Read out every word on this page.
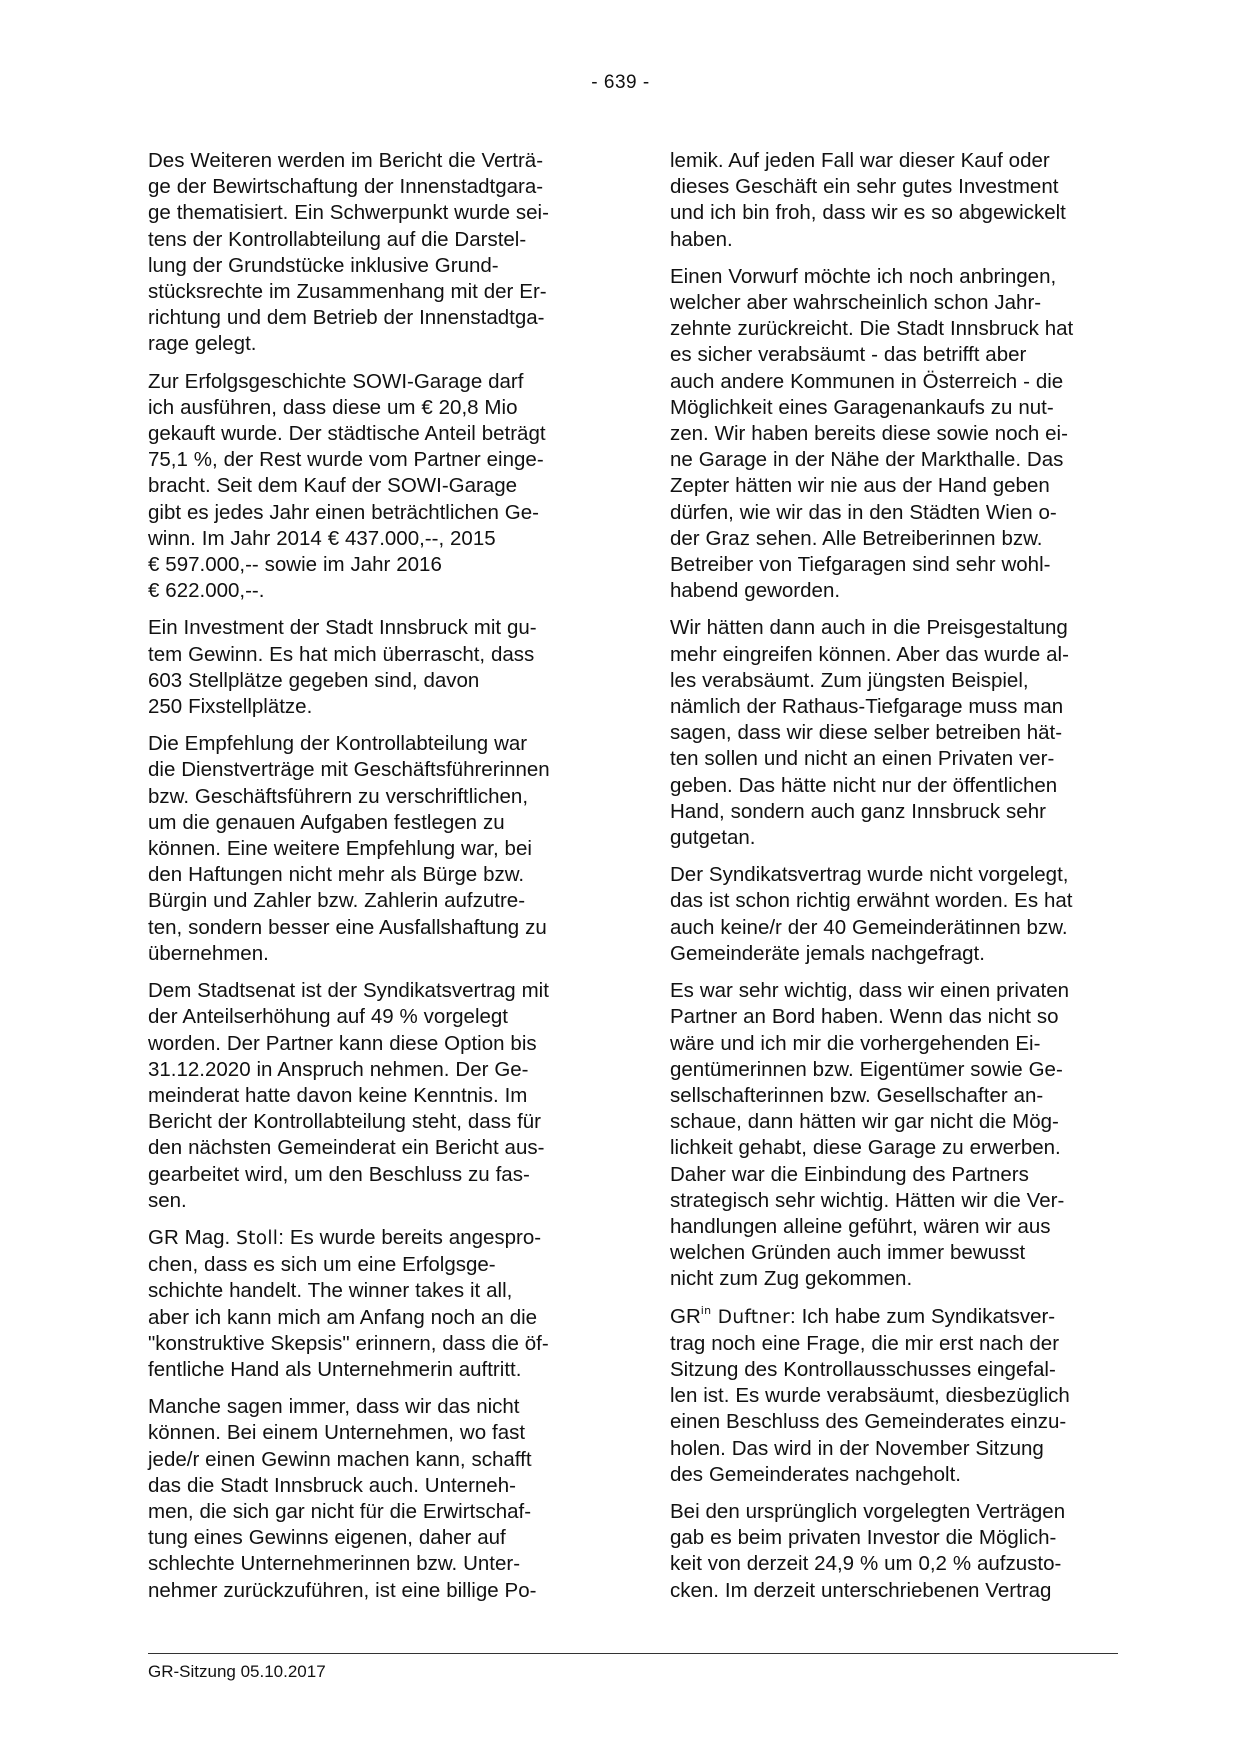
- 639 -

Des Weiteren werden im Bericht die Verträ-
ge der Bewirtschaftung der Innenstadtgara-
ge thematisiert. Ein Schwerpunkt wurde sei-
tens der Kontrollabteilung auf die Darstel-
lung der Grundstücke inklusive Grund-
stücksrechte im Zusammenhang mit der Er-
richtung und dem Betrieb der Innenstadtga-
rage gelegt.

Zur Erfolgsgeschichte SOWI-Garage darf
ich ausführen, dass diese um € 20,8 Mio
gekauft wurde. Der städtische Anteil beträgt
75,1 %, der Rest wurde vom Partner einge-
bracht. Seit dem Kauf der SOWI-Garage
gibt es jedes Jahr einen beträchtlichen Ge-
winn. Im Jahr 2014 € 437.000,--, 2015
€ 597.000,-- sowie im Jahr 2016
€ 622.000,--.

Ein Investment der Stadt Innsbruck mit gu-
tem Gewinn. Es hat mich überrascht, dass
603 Stellplätze gegeben sind, davon
250 Fixstellplätze.

Die Empfehlung der Kontrollabteilung war
die Dienstverträge mit Geschäftsführerinnen
bzw. Geschäftsführern zu verschriftlichen,
um die genauen Aufgaben festlegen zu
können. Eine weitere Empfehlung war, bei
den Haftungen nicht mehr als Bürge bzw.
Bürgin und Zahler bzw. Zahlerin aufzutre-
ten, sondern besser eine Ausfallshaftung zu
übernehmen.

Dem Stadtsenat ist der Syndikatsvertrag mit
der Anteilserhöhung auf 49 % vorgelegt
worden. Der Partner kann diese Option bis
31.12.2020 in Anspruch nehmen. Der Ge-
meinderat hatte davon keine Kenntnis. Im
Bericht der Kontrollabteilung steht, dass für
den nächsten Gemeinderat ein Bericht aus-
gearbeitet wird, um den Beschluss zu fas-
sen.

GR Mag. Stoll: Es wurde bereits angespro-
chen, dass es sich um eine Erfolgsge-
schichte handelt. The winner takes it all,
aber ich kann mich am Anfang noch an die
"konstruktive Skepsis" erinnern, dass die öf-
fentliche Hand als Unternehmerin auftritt.

Manche sagen immer, dass wir das nicht
können. Bei einem Unternehmen, wo fast
jede/r einen Gewinn machen kann, schafft
das die Stadt Innsbruck auch. Unterneh-
men, die sich gar nicht für die Erwirtschaf-
tung eines Gewinns eigenen, daher auf
schlechte Unternehmerinnen bzw. Unter-
nehmer zurückzuführen, ist eine billige Po-

lemik. Auf jeden Fall war dieser Kauf oder
dieses Geschäft ein sehr gutes Investment
und ich bin froh, dass wir es so abgewickelt
haben.

Einen Vorwurf möchte ich noch anbringen,
welcher aber wahrscheinlich schon Jahr-
zehnte zurückreicht. Die Stadt Innsbruck hat
es sicher verabsäumt - das betrifft aber
auch andere Kommunen in Österreich - die
Möglichkeit eines Garagenankaufs zu nut-
zen. Wir haben bereits diese sowie noch ei-
ne Garage in der Nähe der Markthalle. Das
Zepter hätten wir nie aus der Hand geben
dürfen, wie wir das in den Städten Wien o-
der Graz sehen. Alle Betreiberinnen bzw.
Betreiber von Tiefgaragen sind sehr wohl-
habend geworden.

Wir hätten dann auch in die Preisgestaltung
mehr eingreifen können. Aber das wurde al-
les verabsäumt. Zum jüngsten Beispiel,
nämlich der Rathaus-Tiefgarage muss man
sagen, dass wir diese selber betreiben hät-
ten sollen und nicht an einen Privaten ver-
geben. Das hätte nicht nur der öffentlichen
Hand, sondern auch ganz Innsbruck sehr
gutgetan.

Der Syndikatsvertrag wurde nicht vorgelegt,
das ist schon richtig erwähnt worden. Es hat
auch keine/r der 40 Gemeinderätinnen bzw.
Gemeinderäte jemals nachgefragt.

Es war sehr wichtig, dass wir einen privaten
Partner an Bord haben. Wenn das nicht so
wäre und ich mir die vorhergehenden Ei-
gentümerinnen bzw. Eigentümer sowie Ge-
sellschafterinnen bzw. Gesellschafter an-
schaue, dann hätten wir gar nicht die Mög-
lichkeit gehabt, diese Garage zu erwerben.
Daher war die Einbindung des Partners
strategisch sehr wichtig. Hätten wir die Ver-
handlungen alleine geführt, wären wir aus
welchen Gründen auch immer bewusst
nicht zum Zug gekommen.

$GR^{in}$ Duftner: Ich habe zum Syndikatsver-
trag noch eine Frage, die mir erst nach der
Sitzung des Kontrollausschusses eingefal-
len ist. Es wurde verabsäumt, diesbezüglich
einen Beschluss des Gemeinderates einzu-
holen. Das wird in der November Sitzung
des Gemeinderates nachgeholt.

Bei den ursprünglich vorgelegten Verträgen
gab es beim privaten Investor die Möglich-
keit von derzeit 24,9 % um 0,2 % aufzusto-
cken. Im derzeit unterschriebenen Vertrag

GR-Sitzung 05.10.2017
